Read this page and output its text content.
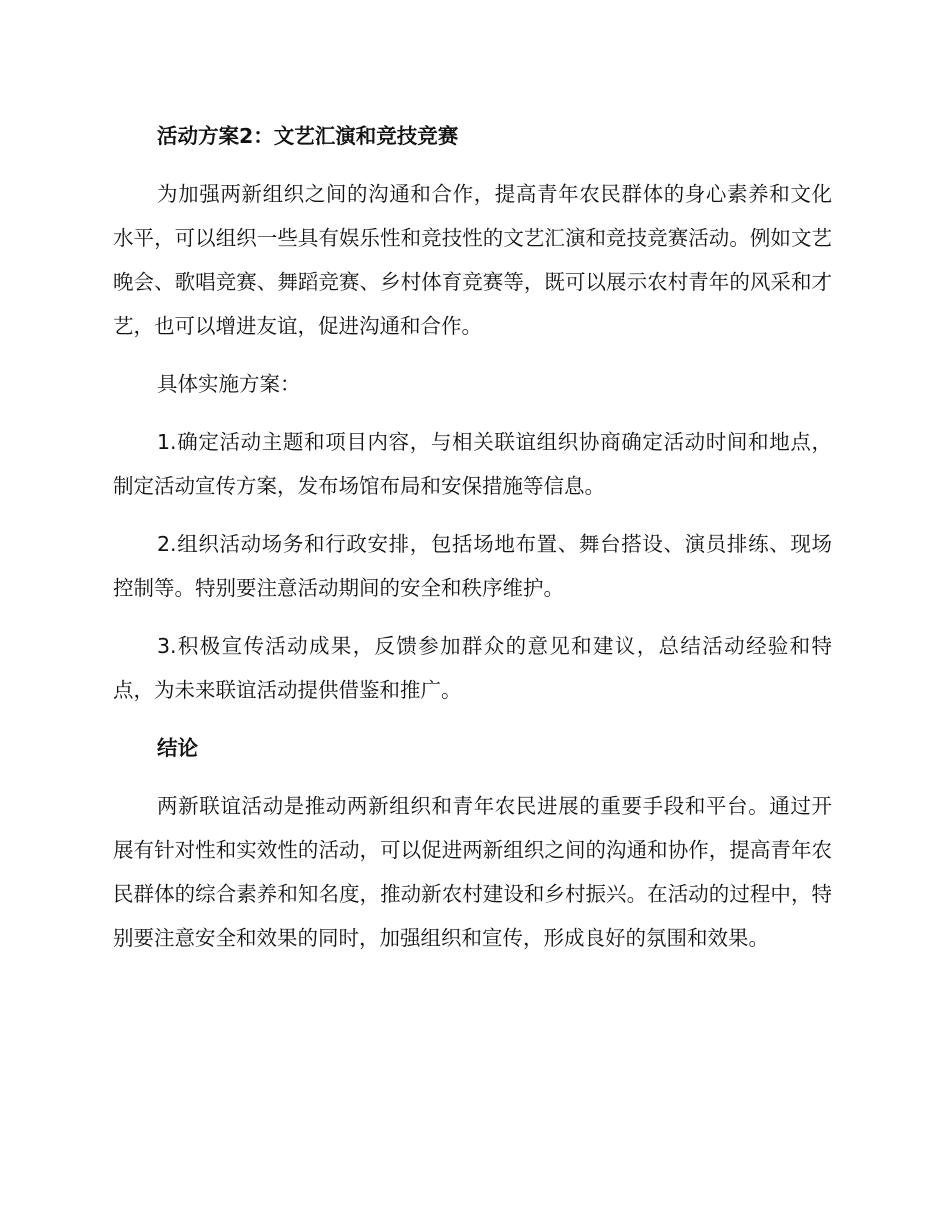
活动方案2：文艺汇演和竞技竞赛
为加强两新组织之间的沟通和合作，提高青年农民群体的身心素养和文化水平，可以组织一些具有娱乐性和竞技性的文艺汇演和竞技竞赛活动。例如文艺晚会、歌唱竞赛、舞蹈竞赛、乡村体育竞赛等，既可以展示农村青年的风采和才艺，也可以增进友谊，促进沟通和合作。
具体实施方案：
1.确定活动主题和项目内容，与相关联谊组织协商确定活动时间和地点，制定活动宣传方案，发布场馆布局和安保措施等信息。
2.组织活动场务和行政安排，包括场地布置、舞台搭设、演员排练、现场控制等。特别要注意活动期间的安全和秩序维护。
3.积极宣传活动成果，反馈参加群众的意见和建议，总结活动经验和特点，为未来联谊活动提供借鉴和推广。
结论
两新联谊活动是推动两新组织和青年农民进展的重要手段和平台。通过开展有针对性和实效性的活动，可以促进两新组织之间的沟通和协作，提高青年农民群体的综合素养和知名度，推动新农村建设和乡村振兴。在活动的过程中，特别要注意安全和效果的同时，加强组织和宣传，形成良好的氛围和效果。
